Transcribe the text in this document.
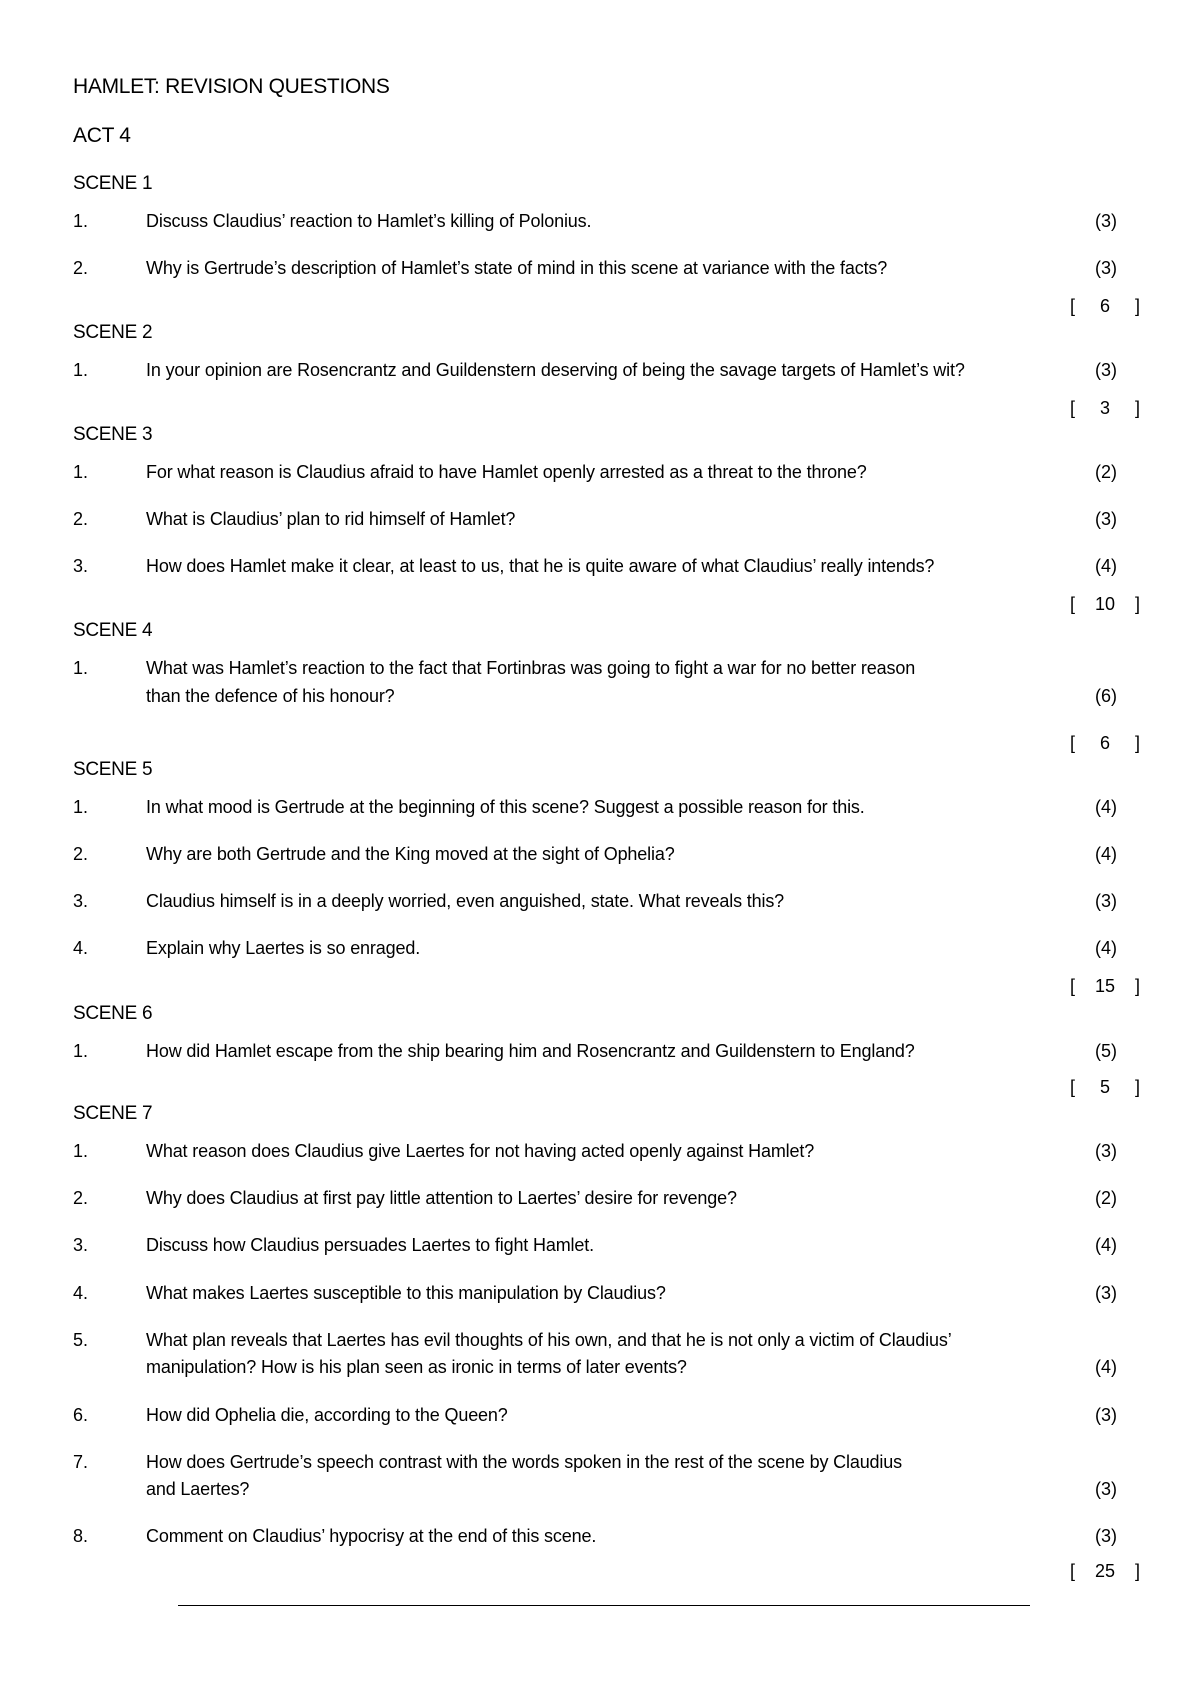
HAMLET: REVISION QUESTIONS
ACT 4
SCENE 1
1.	Discuss Claudius’ reaction to Hamlet’s killing of Polonius.	(3)
2.	Why is Gertrude’s description of Hamlet’s state of mind in this scene at variance with the facts?	(3)
[ 6 ]
SCENE 2
1.	In your opinion are Rosencrantz and Guildenstern deserving of being the savage targets of Hamlet’s wit?	(3)
[ 3 ]
SCENE 3
1.	For what reason is Claudius afraid to have Hamlet openly arrested as a threat to the throne?	(2)
2.	What is Claudius’ plan to rid himself of Hamlet?	(3)
3.	How does Hamlet make it clear, at least to us, that he is quite aware of what Claudius’ really intends?	(4)
[ 10 ]
SCENE 4
1.	What was Hamlet’s reaction to the fact that Fortinbras was going to fight a war for no better reason
than the defence of his honour?	(6)
[ 6 ]
SCENE 5
1.	In what mood is Gertrude at the beginning of this scene? Suggest a possible reason for this.	(4)
2.	Why are both Gertrude and the King moved at the sight of Ophelia?	(4)
3.	Claudius himself is in a deeply worried, even anguished, state. What reveals this?	(3)
4.	Explain why Laertes is so enraged.	(4)
[ 15 ]
SCENE 6
1.	How did Hamlet escape from the ship bearing him and Rosencrantz and Guildenstern to England?	(5)
[ 5 ]
SCENE 7
1.	What reason does Claudius give Laertes for not having acted openly against Hamlet?	(3)
2.	Why does Claudius at first pay little attention to Laertes’ desire for revenge?	(2)
3.	Discuss how Claudius persuades Laertes to fight Hamlet.	(4)
4.	What makes Laertes susceptible to this manipulation by Claudius?	(3)
5.	What plan reveals that Laertes has evil thoughts of his own, and that he is not only a victim of Claudius’
manipulation? How is his plan seen as ironic in terms of later events?	(4)
6.	How did Ophelia die, according to the Queen?	(3)
7.	How does Gertrude’s speech contrast with the words spoken in the rest of the scene by Claudius
and Laertes?	(3)
8.	Comment on Claudius’ hypocrisy at the end of this scene.	(3)
[ 25 ]
